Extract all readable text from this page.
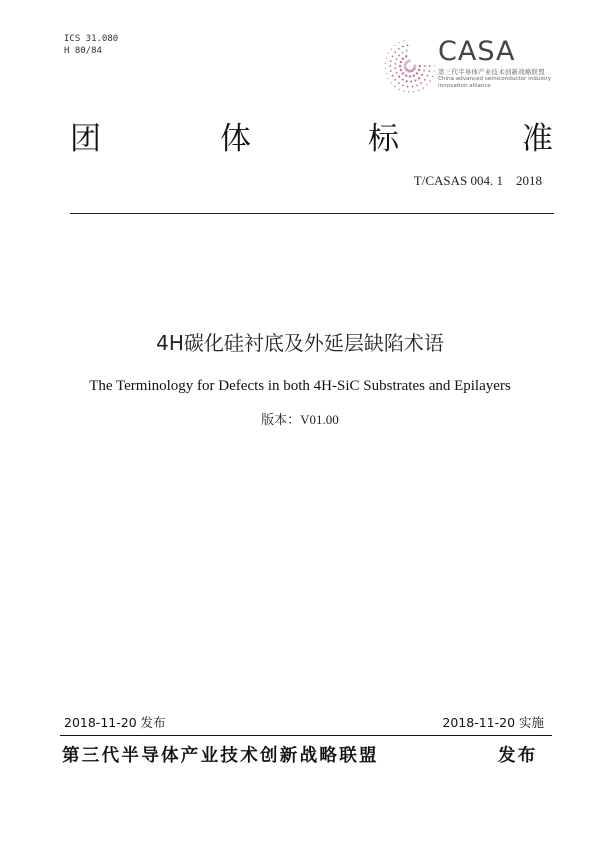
ICS 31.080
H 80/84	CASA
第三代半导体产业技术创新战略联盟
China advanced semiconductor industry
innovation alliance
团	体	标	准
T/CASAS 004. 1    2018
4H碳化硅衬底及外延层缺陷术语
The Terminology for Defects in both 4H-SiC Substrates and Epilayers
版本：V01.00
2018-11-20 发布	2018-11-20 实施
第三代半导体产业技术创新战略联盟	发布
